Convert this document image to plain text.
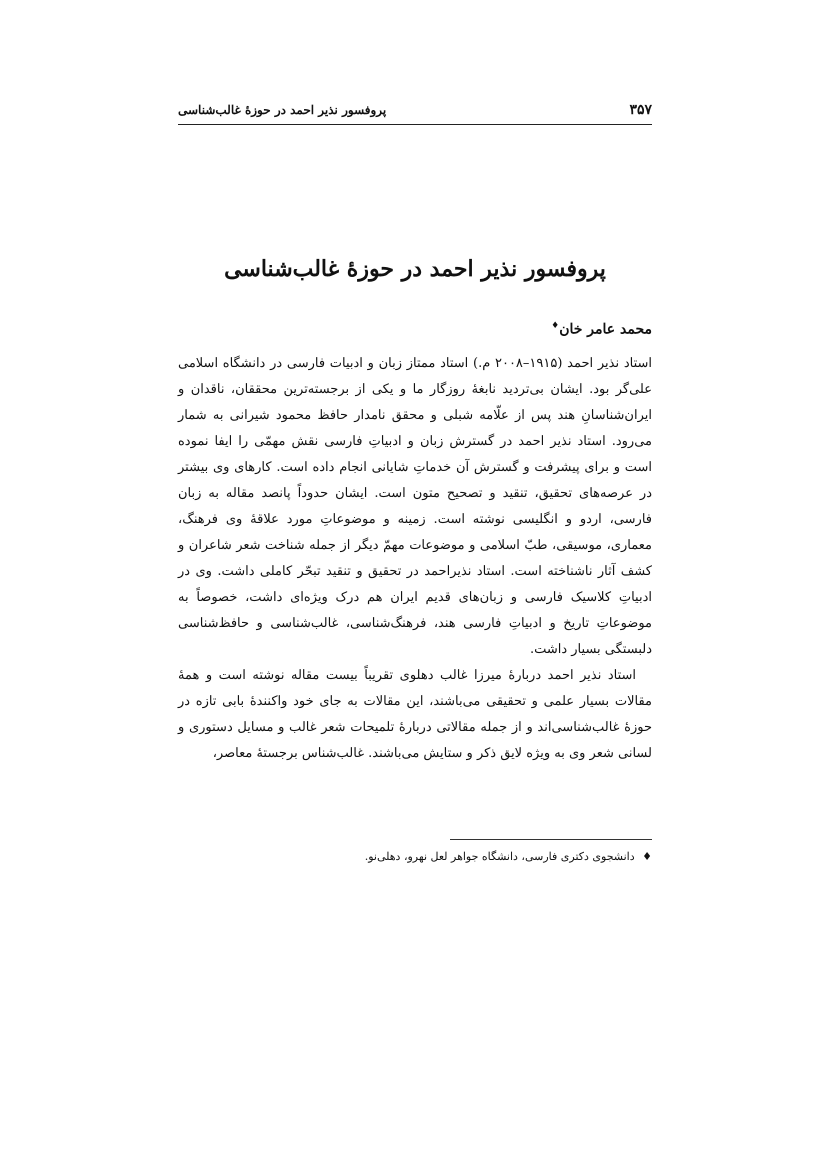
۳۵۷
پروفسور نذیر احمد در حوزهٔ غالب‌شناسی
پروفسور نذیر احمد در حوزهٔ غالب‌شناسی
محمد عامر خان♦

استاد نذیر احمد (۱۹۱۵–۲۰۰۸ م.) استاد ممتاز زبان و ادبیات فارسی در دانشگاه اسلامی علی‌گر بود. ایشان بی‌تردید نابغهٔ روزگار ما و یکی از برجسته‌ترین محققان، ناقدان و ایران‌شناسانِ هند پس از علّامه شبلی و محقق نامدار حافظ محمود شیرانی به شمار می‌رود. استاد نذیر احمد در گسترش زبان و ادبیاتِ فارسی نقش مهمّی را ایفا نموده است و برای پیشرفت و گسترش آن خدماتِ شایانی انجام داده است. کارهای وی بیشتر در عرصه‌های تحقیق، تنقید و تصحیح متون است. ایشان حدوداً پانصد مقاله به زبان فارسی، اردو و انگلیسی نوشته است. زمینه و موضوعاتِ مورد علاقهٔ وی فرهنگ، معماری، موسیقی، طبّ اسلامی و موضوعات مهمّ دیگر از جمله شناخت شعر شاعران و کشف آثار ناشناخته است. استاد نذیراحمد در تحقیق و تنقید تبحّر کاملی داشت. وی در ادبیاتِ کلاسیک فارسی و زبان‌های قدیم ایران هم درک ویژه‌ای داشت، خصوصاً به موضوعاتِ تاریخ و ادبیاتِ فارسی هند، فرهنگ‌شناسی، غالب‌شناسی و حافظ‌شناسی دلبستگی بسیار داشت.

استاد نذیر احمد دربارهٔ میرزا غالب دهلوی تقریباً بیست مقاله نوشته است و همهٔ مقالات بسیار علمی و تحقیقی می‌باشند، این مقالات به جای خود واکنندهٔ بابی تازه در حوزهٔ غالب‌شناسی‌اند و از جمله مقالاتی دربارهٔ تلمیحات شعر غالب و مسایل دستوری و لسانی شعر وی به ویژه لایق ذکر و ستایش می‌باشند. غالب‌شناس برجستهٔ معاصر،

♦ دانشجوی دکتری فارسی، دانشگاه جواهر لعل نهرو، دهلی‌نو.
